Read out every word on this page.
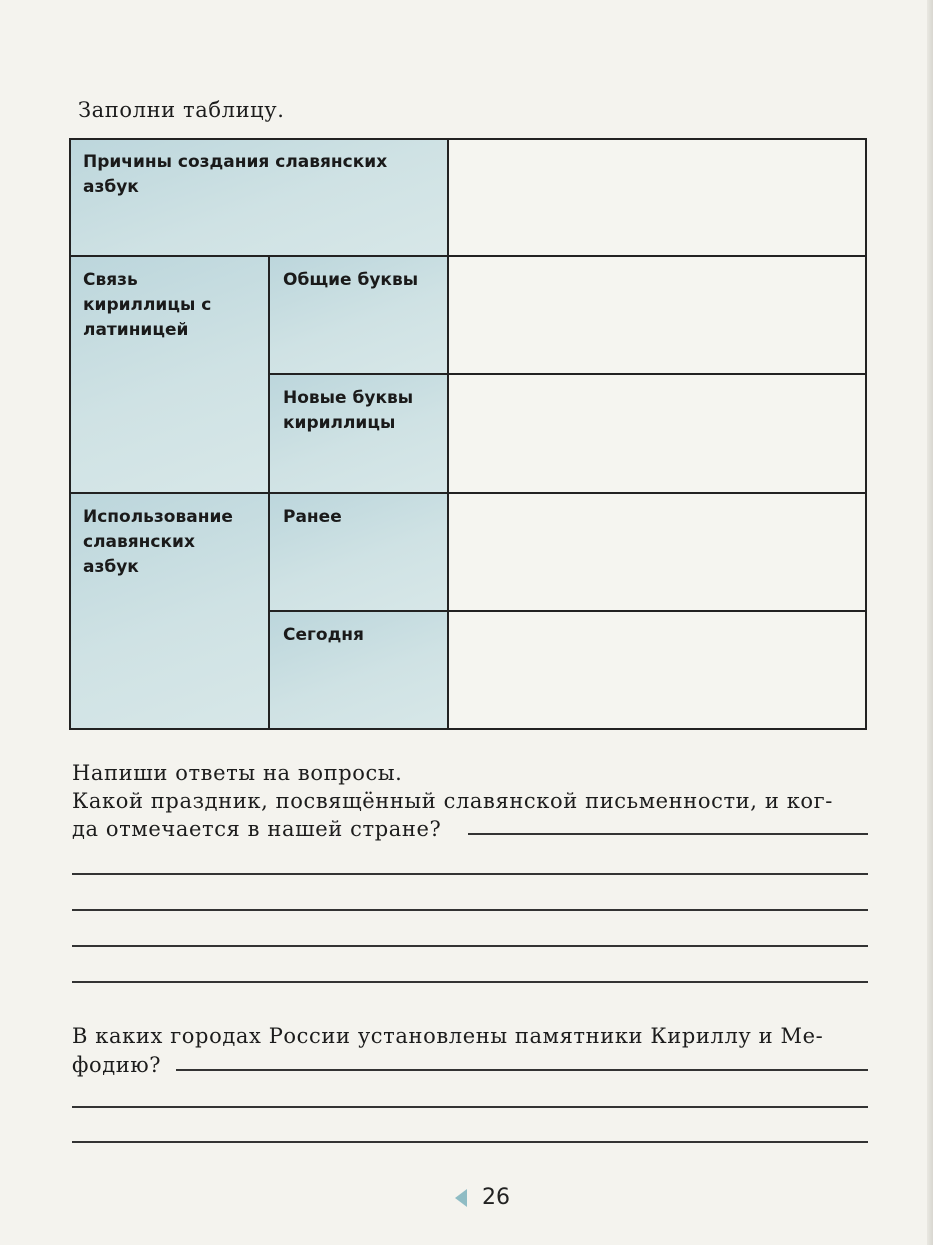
Заполни таблицу.
Причины создания славянских азбук
Связь кириллицы с латиницей
Общие буквы
Новые буквы кириллицы
Использование славянских азбук
Ранее
Сегодня
Напиши ответы на вопросы.
Какой праздник, посвящённый славянской письменности, и ког-
да отмечается в нашей стране?
В каких городах России установлены памятники Кириллу и Ме-
фодию?
26
